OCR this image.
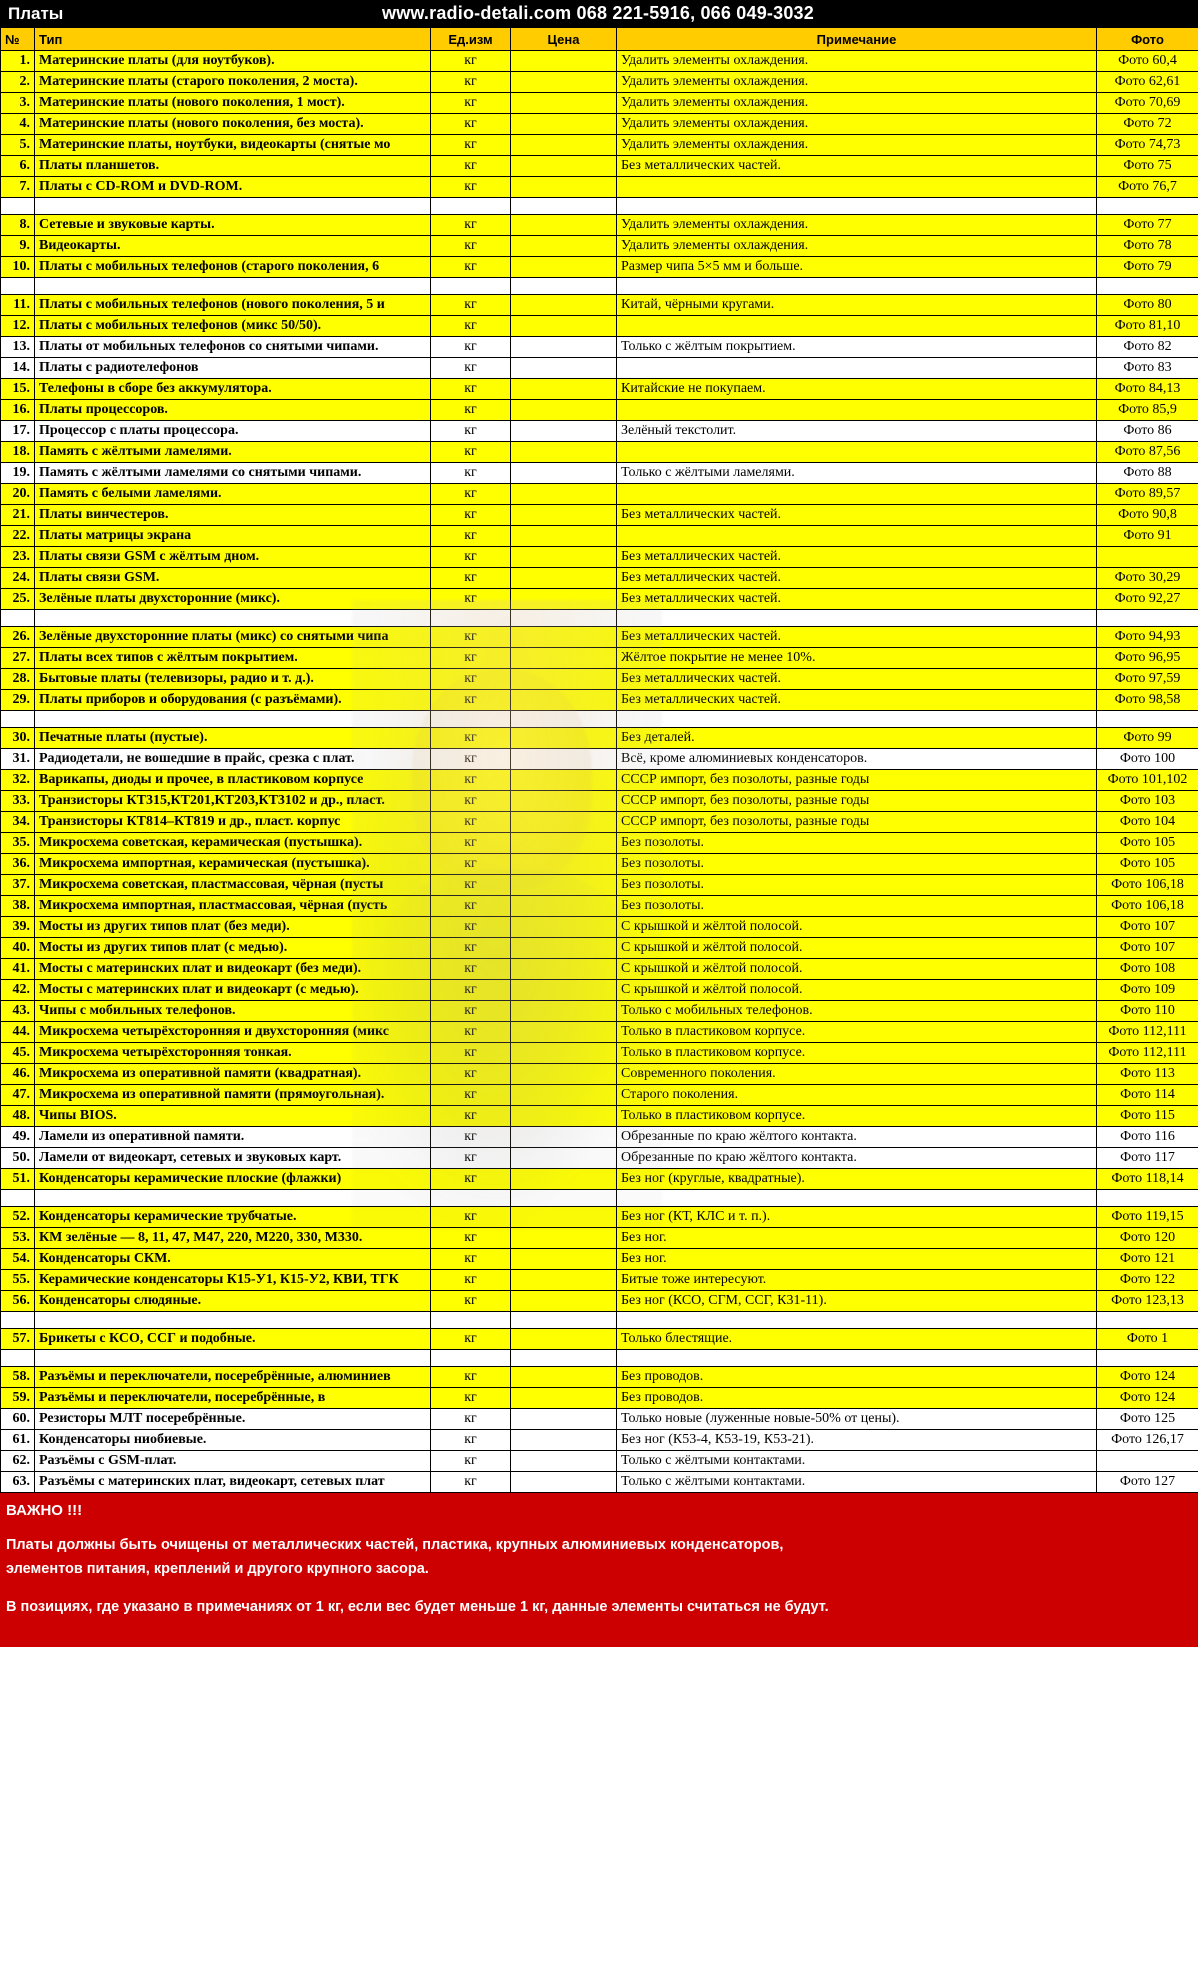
Платы	www.radio-detali.com 068 221-5916, 066 049-3032
№	Тип	Ед.изм	Цена	Примечание	Фото
1.	Материнские платы (для ноутбуков).	кг		Удалить элементы охлаждения.	Фото 60,4
2.	Материнские платы (старого поколения, 2 моста).	кг		Удалить элементы охлаждения.	Фото 62,61
3.	Материнские платы (нового поколения, 1 мост).	кг		Удалить элементы охлаждения.	Фото 70,69
4.	Материнские платы (нового поколения, без моста).	кг		Удалить элементы охлаждения.	Фото 72
5.	Материнские платы, ноутбуки, видеокарты (снятые мо	кг		Удалить элементы охлаждения.	Фото 74,73
6.	Платы планшетов.	кг		Без металлических частей.	Фото 75
7.	Платы с CD-ROM и DVD-ROM.	кг			Фото 76,7

8.	Сетевые и звуковые карты.	кг		Удалить элементы охлаждения.	Фото 77
9.	Видеокарты.	кг		Удалить элементы охлаждения.	Фото 78
10.	Платы с мобильных телефонов (старого поколения, 6	кг		Размер чипа 5×5 мм и больше.	Фото 79

11.	Платы с мобильных телефонов (нового поколения, 5 и	кг		Китай, чёрными кругами.	Фото 80
12.	Платы с мобильных телефонов (микс 50/50).	кг			Фото 81,10
13.	Платы от мобильных телефонов со снятыми чипами.	кг		Только с жёлтым покрытием.	Фото 82
14.	Платы с радиотелефонов	кг			Фото 83
15.	Телефоны в сборе без аккумулятора.	кг		Китайские не покупаем.	Фото 84,13
16.	Платы процессоров.	кг			Фото 85,9
17.	Процессор с платы процессора.	кг		Зелёный текстолит.	Фото 86
18.	Память с жёлтыми ламелями.	кг			Фото 87,56
19.	Память с жёлтыми ламелями со снятыми чипами.	кг		Только с жёлтыми ламелями.	Фото 88
20.	Память с белыми ламелями.	кг			Фото 89,57
21.	Платы винчестеров.	кг		Без металлических частей.	Фото 90,8
22.	Платы матрицы экрана	кг			Фото 91
23.	Платы связи GSM с жёлтым дном.	кг		Без металлических частей.	
24.	Платы связи GSM.	кг		Без металлических частей.	Фото 30,29
25.	Зелёные платы двухсторонние (микс).	кг		Без металлических частей.	Фото 92,27

26.	Зелёные двухсторонние платы (микс) со снятыми чипа	кг		Без металлических частей.	Фото 94,93
27.	Платы всех типов с жёлтым покрытием.	кг		Жёлтое покрытие не менее 10%.	Фото 96,95
28.	Бытовые платы (телевизоры, радио и т. д.).	кг		Без металлических частей.	Фото 97,59
29.	Платы приборов и оборудования (с разъёмами).	кг		Без металлических частей.	Фото 98,58

30.	Печатные платы (пустые).	кг		Без деталей.	Фото 99
31.	Радиодетали, не вошедшие в прайс, срезка с плат.	кг		Всё, кроме алюминиевых конденсаторов.	Фото 100
32.	Варикапы, диоды и прочее, в пластиковом корпусе	кг		СССР импорт, без позолоты, разные годы	Фото 101,102
33.	Транзисторы КТ315,КТ201,КТ203,КТ3102 и др., пласт.	кг		СССР импорт, без позолоты, разные годы	Фото 103
34.	Транзисторы КТ814–КТ819 и др., пласт. корпус	кг		СССР импорт, без позолоты, разные годы	Фото 104
35.	Микросхема советская, керамическая (пустышка).	кг		Без позолоты.	Фото 105
36.	Микросхема импортная, керамическая (пустышка).	кг		Без позолоты.	Фото 105
37.	Микросхема советская, пластмассовая, чёрная (пусты	кг		Без позолоты.	Фото 106,18
38.	Микросхема импортная, пластмассовая, чёрная (пусть	кг		Без позолоты.	Фото 106,18
39.	Мосты из других типов плат (без меди).	кг		С крышкой и жёлтой полосой.	Фото 107
40.	Мосты из других типов плат (с медью).	кг		С крышкой и жёлтой полосой.	Фото 107
41.	Мосты с материнских плат и видеокарт (без меди).	кг		С крышкой и жёлтой полосой.	Фото 108
42.	Мосты с материнских плат и видеокарт (с медью).	кг		С крышкой и жёлтой полосой.	Фото 109
43.	Чипы с мобильных телефонов.	кг		Только с мобильных телефонов.	Фото 110
44.	Микросхема четырёхсторонняя и двухсторонняя (микс	кг		Только в пластиковом корпусе.	Фото 112,111
45.	Микросхема четырёхсторонняя тонкая.	кг		Только в пластиковом корпусе.	Фото 112,111
46.	Микросхема из оперативной памяти (квадратная).	кг		Современного поколения.	Фото 113
47.	Микросхема из оперативной памяти (прямоугольная).	кг		Старого поколения.	Фото 114
48.	Чипы BIOS.	кг		Только в пластиковом корпусе.	Фото 115
49.	Ламели из оперативной памяти.	кг		Обрезанные по краю жёлтого контакта.	Фото 116
50.	Ламели от видеокарт, сетевых и звуковых карт.	кг		Обрезанные по краю жёлтого контакта.	Фото 117
51.	Конденсаторы керамические плоские (флажки)	кг		Без ног (круглые, квадратные).	Фото 118,14

52.	Конденсаторы керамические трубчатые.	кг		Без ног (КТ, КЛС и т. п.).	Фото 119,15
53.	КМ зелёные — 8, 11, 47, М47, 220, М220, 330, М330.	кг		Без ног.	Фото 120
54.	Конденсаторы СКМ.	кг		Без ног.	Фото 121
55.	Керамические конденсаторы К15-У1, К15-У2, КВИ, ТГК	кг		Битые тоже интересуют.	Фото 122
56.	Конденсаторы слюдяные.	кг		Без ног (КСО, СГМ, ССГ, К31-11).	Фото 123,13

57.	Брикеты с КСО, ССГ и подобные.	кг		Только блестящие.	Фото 1

58.	Разъёмы и переключатели, посеребрённые, алюминиев	кг		Без проводов.	Фото 124
59.	Разъёмы и переключатели, посеребрённые, в	кг		Без проводов.	Фото 124
60.	Резисторы МЛТ посеребрённые.	кг		Только новые (луженные новые-50% от цены).	Фото 125
61.	Конденсаторы ниобиевые.	кг		Без ног (К53-4, К53-19, К53-21).	Фото 126,17
62.	Разъёмы с GSM-плат.	кг		Только с жёлтыми контактами.	
63.	Разъёмы с материнских плат, видеокарт, сетевых плат	кг		Только с жёлтыми контактами.	Фото 127
ВАЖНО !!!

Платы должны быть очищены от металлических частей, пластика, крупных алюминиевых конденсаторов,

элементов питания, креплений и другого крупного засора.

В позициях, где указано в примечаниях от 1 кг, если вес будет меньше 1 кг, данные элементы считаться не будут.
